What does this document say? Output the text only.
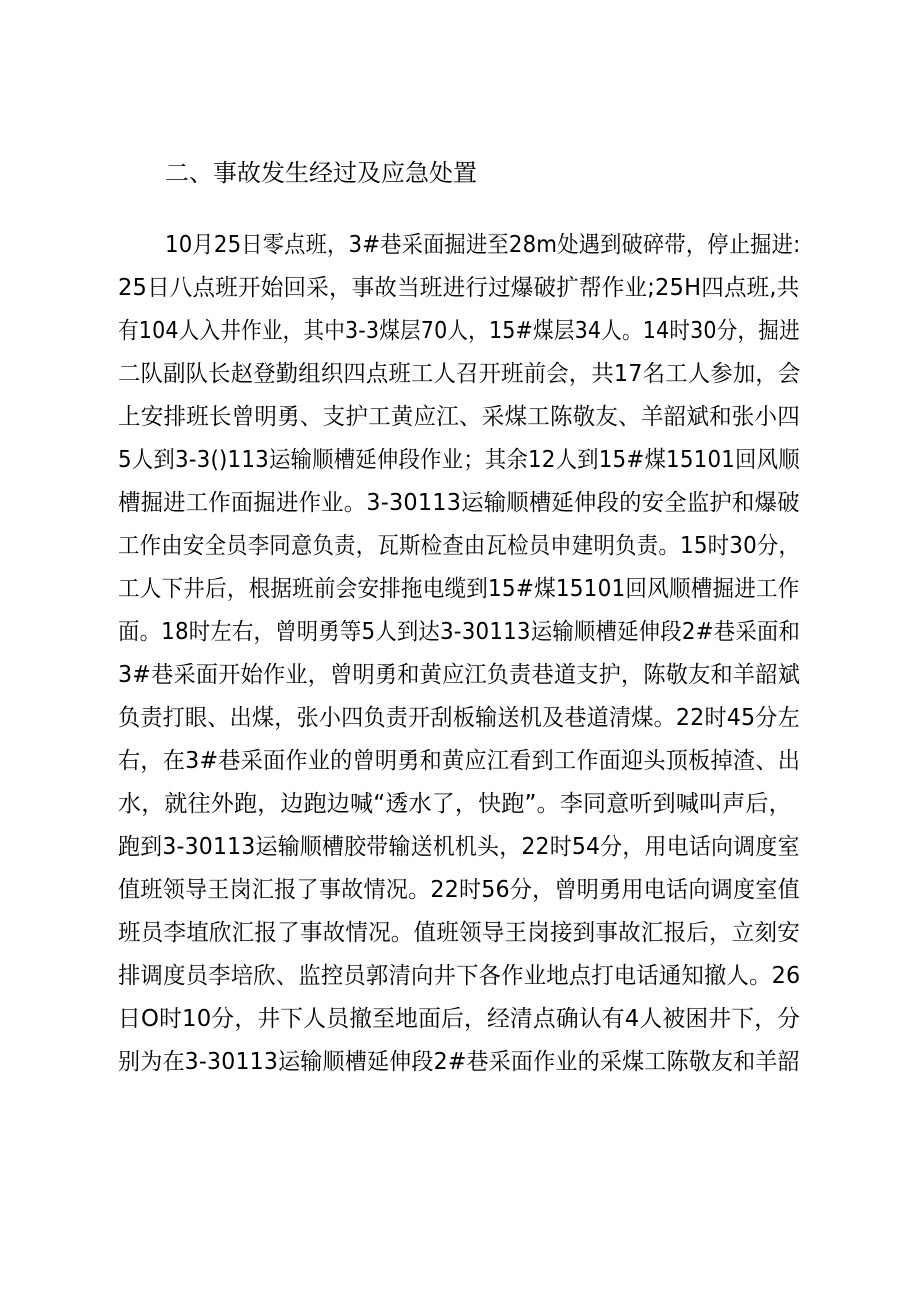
二、事故发生经过及应急处置
10月25日零点班，3#巷采面掘进至28m处遇到破碎带，停止掘进:
25日八点班开始回采，事故当班进行过爆破扩帮作业;25H四点班,共
有104人入井作业，其中3-3煤层70人，15#煤层34人。14时30分，掘进
二队副队长赵登勤组织四点班工人召开班前会，共17名工人参加，会
上安排班长曾明勇、支护工黄应江、采煤工陈敬友、羊韶斌和张小四
5人到3-3()113运输顺槽延伸段作业；其余12人到15#煤15101回风顺
槽掘进工作面掘进作业。3-30113运输顺槽延伸段的安全监护和爆破
工作由安全员李同意负责，瓦斯检查由瓦检员申建明负责。15时30分，
工人下井后，根据班前会安排拖电缆到15#煤15101回风顺槽掘进工作
面。18时左右，曾明勇等5人到达3-30113运输顺槽延伸段2#巷采面和
3#巷采面开始作业，曾明勇和黄应江负责巷道支护，陈敬友和羊韶斌
负责打眼、出煤，张小四负责开刮板输送机及巷道清煤。22时45分左
右，在3#巷采面作业的曾明勇和黄应江看到工作面迎头顶板掉渣、出
水，就往外跑，边跑边喊“透水了，快跑”。李同意听到喊叫声后，
跑到3-30113运输顺槽胶带输送机机头，22时54分，用电话向调度室
值班领导王岗汇报了事故情况。22时56分，曾明勇用电话向调度室值
班员李埴欣汇报了事故情况。值班领导王岗接到事故汇报后，立刻安
排调度员李培欣、监控员郭清向井下各作业地点打电话通知撤人。26
日O时10分，井下人员撤至地面后，经清点确认有4人被困井下，分
别为在3-30113运输顺槽延伸段2#巷采面作业的采煤工陈敬友和羊韶
